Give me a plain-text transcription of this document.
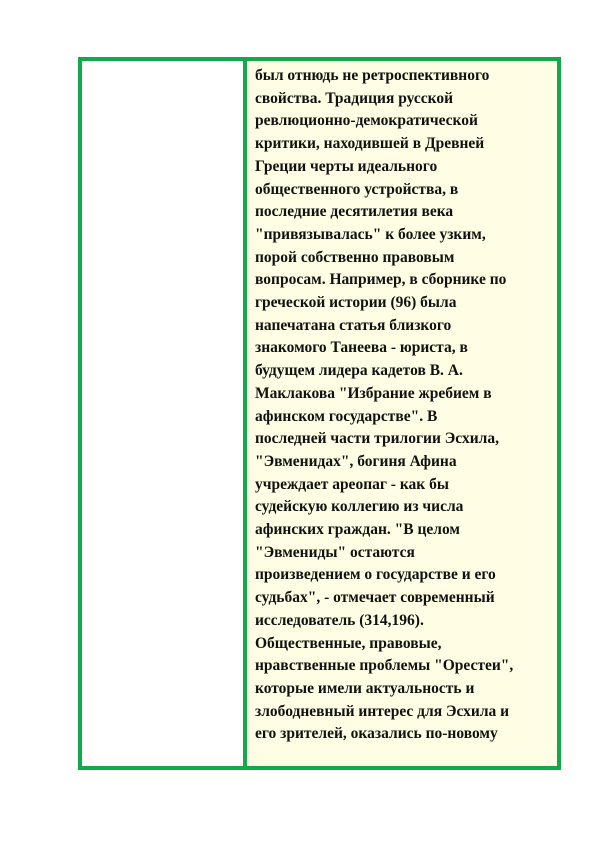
был отнюдь не ретроспективного
свойства. Традиция русской
ревлюционно-демократической
критики, находившей в Древней
Греции черты идеального
общественного устройства, в
последние десятилетия века
"привязывалась" к более узким,
порой собственно правовым
вопросам. Например, в сборнике по
греческой истории (96) была
напечатана статья близкого
знакомого Танеева - юриста, в
будущем лидера кадетов В. А.
Маклакова "Избрание жребием в
афинском государстве". В
последней части трилогии Эсхила,
"Эвменидах", богиня Афина
учреждает ареопаг - как бы
судейскую коллегию из числа
афинских граждан. "В целом
"Эвмениды" остаются
произведением о государстве и его
судьбах", - отмечает современный
исследователь (314,196).
Общественные, правовые,
нравственные проблемы "Орестеи",
которые имели актуальность и
злободневный интерес для Эсхила и
его зрителей, оказались по-новому
